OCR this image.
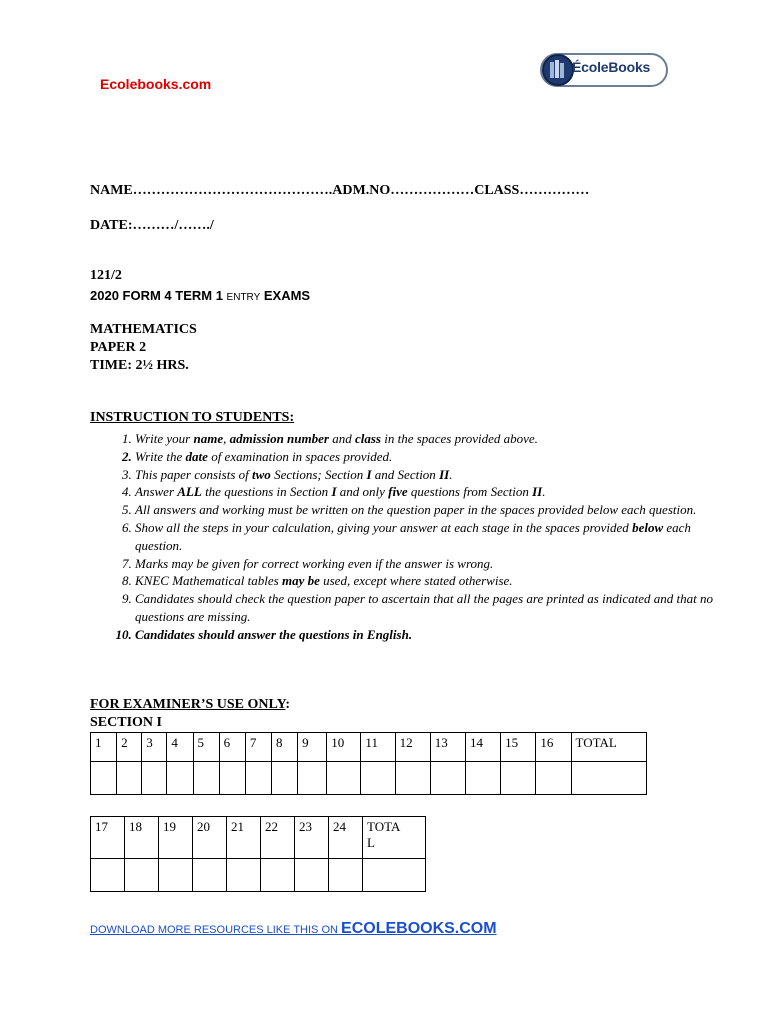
Ecolebooks.com
ÉcoleBooks
NAME…………………………………….ADM.NO………………CLASS……………
DATE:………/……./
121/2
2020 FORM 4 TERM 1 ENTRY EXAMS
MATHEMATICS
PAPER 2
TIME: 2½ HRS.
INSTRUCTION TO STUDENTS:
1. Write your name, admission number and class in the spaces provided above.
2. Write the date of examination in spaces provided.
3. This paper consists of two Sections; Section I and Section II.
4. Answer ALL the questions in Section I and only five questions from Section II.
5. All answers and working must be written on the question paper in the spaces provided below each question.
6. Show all the steps in your calculation, giving your answer at each stage in the spaces provided below each question.
7. Marks may be given for correct working even if the answer is wrong.
8. KNEC Mathematical tables may be used, except where stated otherwise.
9. Candidates should check the question paper to ascertain that all the pages are printed as indicated and that no questions are missing.
10. Candidates should answer the questions in English.
FOR EXAMINER’S USE ONLY:
SECTION I
1	2	3	4	5	6	7	8	9	10	11	12	13	14	15	16	TOTAL

17	18	19	20	21	22	23	24	TOTA
L

DOWNLOAD MORE RESOURCES LIKE THIS ON ECOLEBOOKS.COM
